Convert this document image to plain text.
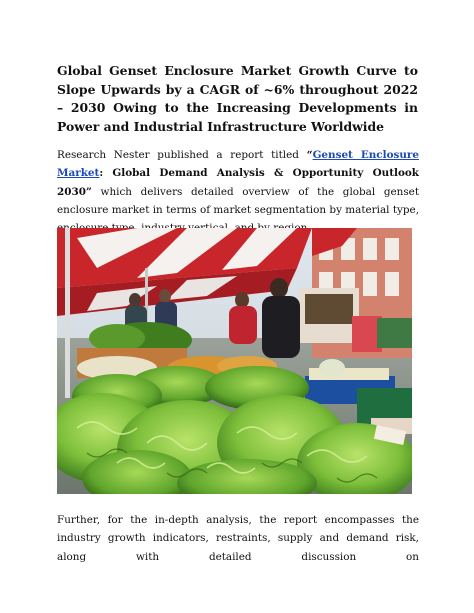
Global Genset Enclosure Market Growth Curve to Slope Upwards by a CAGR of ~6% throughout 2022 – 2030 Owing to the Increasing Developments in Power and Industrial Infrastructure Worldwide

Research Nester published a report titled “Genset Enclosure Market: Global Demand Analysis & Opportunity Outlook 2030” which delivers detailed overview of the global genset enclosure market in terms of market segmentation by material type,

Further, for the in-depth analysis, the report encompasses the industry growth indicators, restraints, supply and demand risk, along with detailed discussion on
